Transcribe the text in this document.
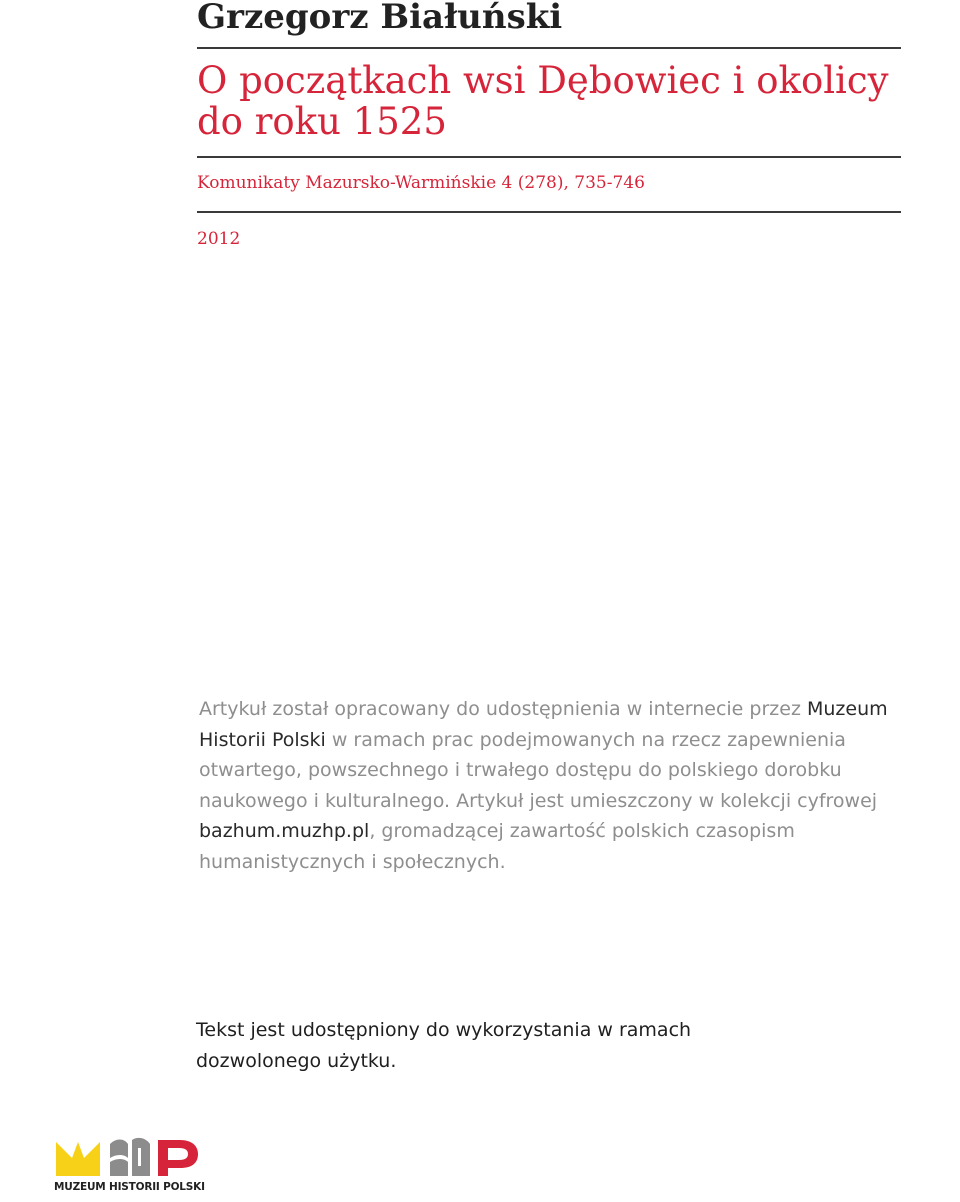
Grzegorz Białuński
O początkach wsi Dębowiec i okolicy do roku 1525

Komunikaty Mazursko-Warmińskie 4 (278), 735-746

2012

Artykuł został opracowany do udostępnienia w internecie przez Muzeum Historii Polski w ramach prac podejmowanych na rzecz zapewnienia otwartego, powszechnego i trwałego dostępu do polskiego dorobku naukowego i kulturalnego. Artykuł jest umieszczony w kolekcji cyfrowej bazhum.muzhp.pl, gromadzącej zawartość polskich czasopism humanistycznych i społecznych.

Tekst jest udostępniony do wykorzystania w ramach dozwolonego użytku.

MUZEUM HISTORII POLSKI
